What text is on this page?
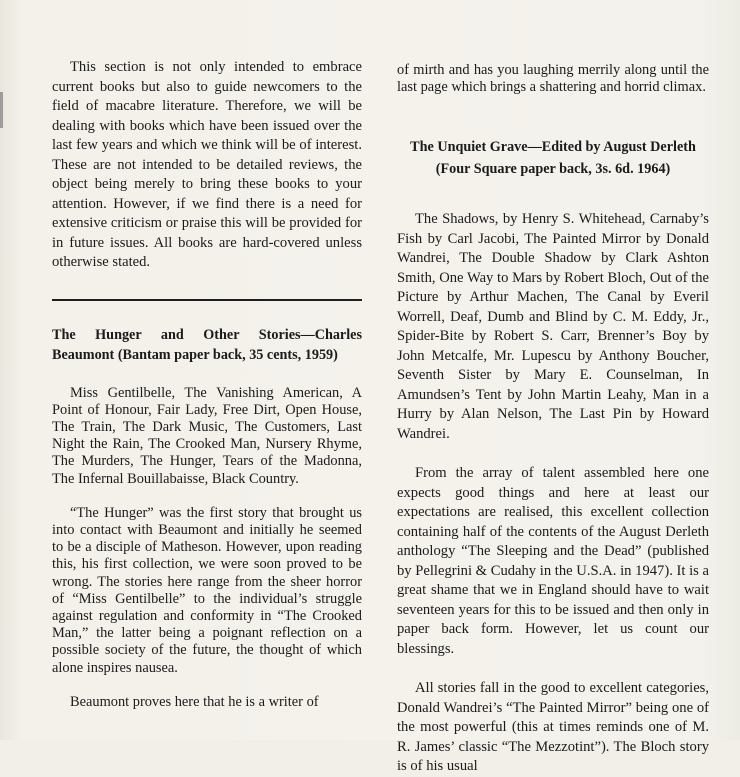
This section is not only intended to embrace current books but also to guide newcomers to the field of macabre literature. Therefore, we will be dealing with books which have been issued over the last few years and which we think will be of interest. These are not intended to be detailed reviews, the object being merely to bring these books to your attention. However, if we find there is a need for extensive criticism or praise this will be provided for in future issues. All books are hard-covered unless otherwise stated.

The Hunger and Other Stories—Charles Beaumont (Bantam paper back, 35 cents, 1959)

Miss Gentilbelle, The Vanishing American, A Point of Honour, Fair Lady, Free Dirt, Open House, The Train, The Dark Music, The Customers, Last Night the Rain, The Crooked Man, Nursery Rhyme, The Murders, The Hunger, Tears of the Madonna, The Infernal Bouillabaisse, Black Country.

“The Hunger” was the first story that brought us into contact with Beaumont and initially he seemed to be a disciple of Matheson. However, upon reading this, his first collection, we were soon proved to be wrong. The stories here range from the sheer horror of “Miss Gentilbelle” to the individual’s struggle against regulation and conformity in “The Crooked Man,” the latter being a poignant reflection on a possible society of the future, the thought of which alone inspires nausea.

Beaumont proves here that he is a writer of

of mirth and has you laughing merrily along until the last page which brings a shattering and horrid climax.

The Unquiet Grave—Edited by August Derleth

(Four Square paper back, 3s. 6d. 1964)

The Shadows, by Henry S. Whitehead, Carnaby’s Fish by Carl Jacobi, The Painted Mirror by Donald Wandrei, The Double Shadow by Clark Ashton Smith, One Way to Mars by Robert Bloch, Out of the Picture by Arthur Machen, The Canal by Everil Worrell, Deaf, Dumb and Blind by C. M. Eddy, Jr., Spider-Bite by Robert S. Carr, Brenner’s Boy by John Metcalfe, Mr. Lupescu by Anthony Boucher, Seventh Sister by Mary E. Counselman, In Amundsen’s Tent by John Martin Leahy, Man in a Hurry by Alan Nelson, The Last Pin by Howard Wandrei.

From the array of talent assembled here one expects good things and here at least our expectations are realised, this excellent collection containing half of the contents of the August Derleth anthology “The Sleeping and the Dead” (published by Pellegrini & Cudahy in the U.S.A. in 1947). It is a great shame that we in England should have to wait seventeen years for this to be issued and then only in paper back form. However, let us count our blessings.

All stories fall in the good to excellent categories, Donald Wandrei’s “The Painted Mirror” being one of the most powerful (this at times reminds one of M. R. James’ classic “The Mezzotint”). The Bloch story is of his usual
